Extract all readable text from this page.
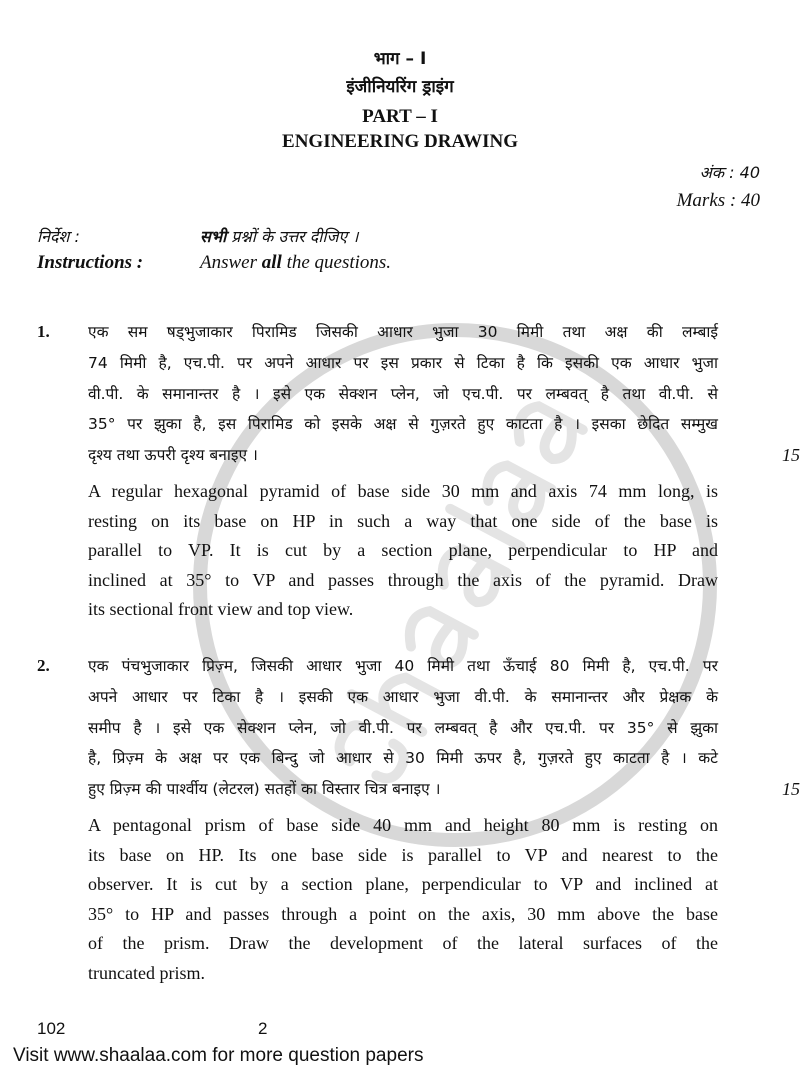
भाग – I
इंजीनियरिंग ड्राइंग
PART – I
ENGINEERING DRAWING
अंक : 40
Marks : 40
निर्देश :	सभी प्रश्नों के उत्तर दीजिए ।
Instructions :	Answer all the questions.
1. एक सम षड्भुजाकार पिरामिड जिसकी आधार भुजा 30 मिमी तथा अक्ष की लम्बाई
74 मिमी है, एच.पी. पर अपने आधार पर इस प्रकार से टिका है कि इसकी एक आधार भुजा
वी.पी. के समानान्तर है । इसे एक सेक्शन प्लेन, जो एच.पी. पर लम्बवत् है तथा वी.पी. से
35° पर झुका है, इस पिरामिड को इसके अक्ष से गुज़रते हुए काटता है । इसका छेदित सम्मुख
दृश्य तथा ऊपरी दृश्य बनाइए ।	15
A regular hexagonal pyramid of base side 30 mm and axis 74 mm long, is
resting on its base on HP in such a way that one side of the base is
parallel to VP. It is cut by a section plane, perpendicular to HP and
inclined at 35° to VP and passes through the axis of the pyramid. Draw
its sectional front view and top view.
2. एक पंचभुजाकार प्रिज़्म, जिसकी आधार भुजा 40 मिमी तथा ऊँचाई 80 मिमी है, एच.पी. पर
अपने आधार पर टिका है । इसकी एक आधार भुजा वी.पी. के समानान्तर और प्रेक्षक के
समीप है । इसे एक सेक्शन प्लेन, जो वी.पी. पर लम्बवत् है और एच.पी. पर 35° से झुका
है, प्रिज़्म के अक्ष पर एक बिन्दु जो आधार से 30 मिमी ऊपर है, गुज़रते हुए काटता है । कटे
हुए प्रिज़्म की पार्श्वीय (लेटरल) सतहों का विस्तार चित्र बनाइए ।	15
A pentagonal prism of base side 40 mm and height 80 mm is resting on
its base on HP. Its one base side is parallel to VP and nearest to the
observer. It is cut by a section plane, perpendicular to VP and inclined at
35° to HP and passes through a point on the axis, 30 mm above the base
of the prism. Draw the development of the lateral surfaces of the
truncated prism.
102	2
Visit www.shaalaa.com for more question papers
